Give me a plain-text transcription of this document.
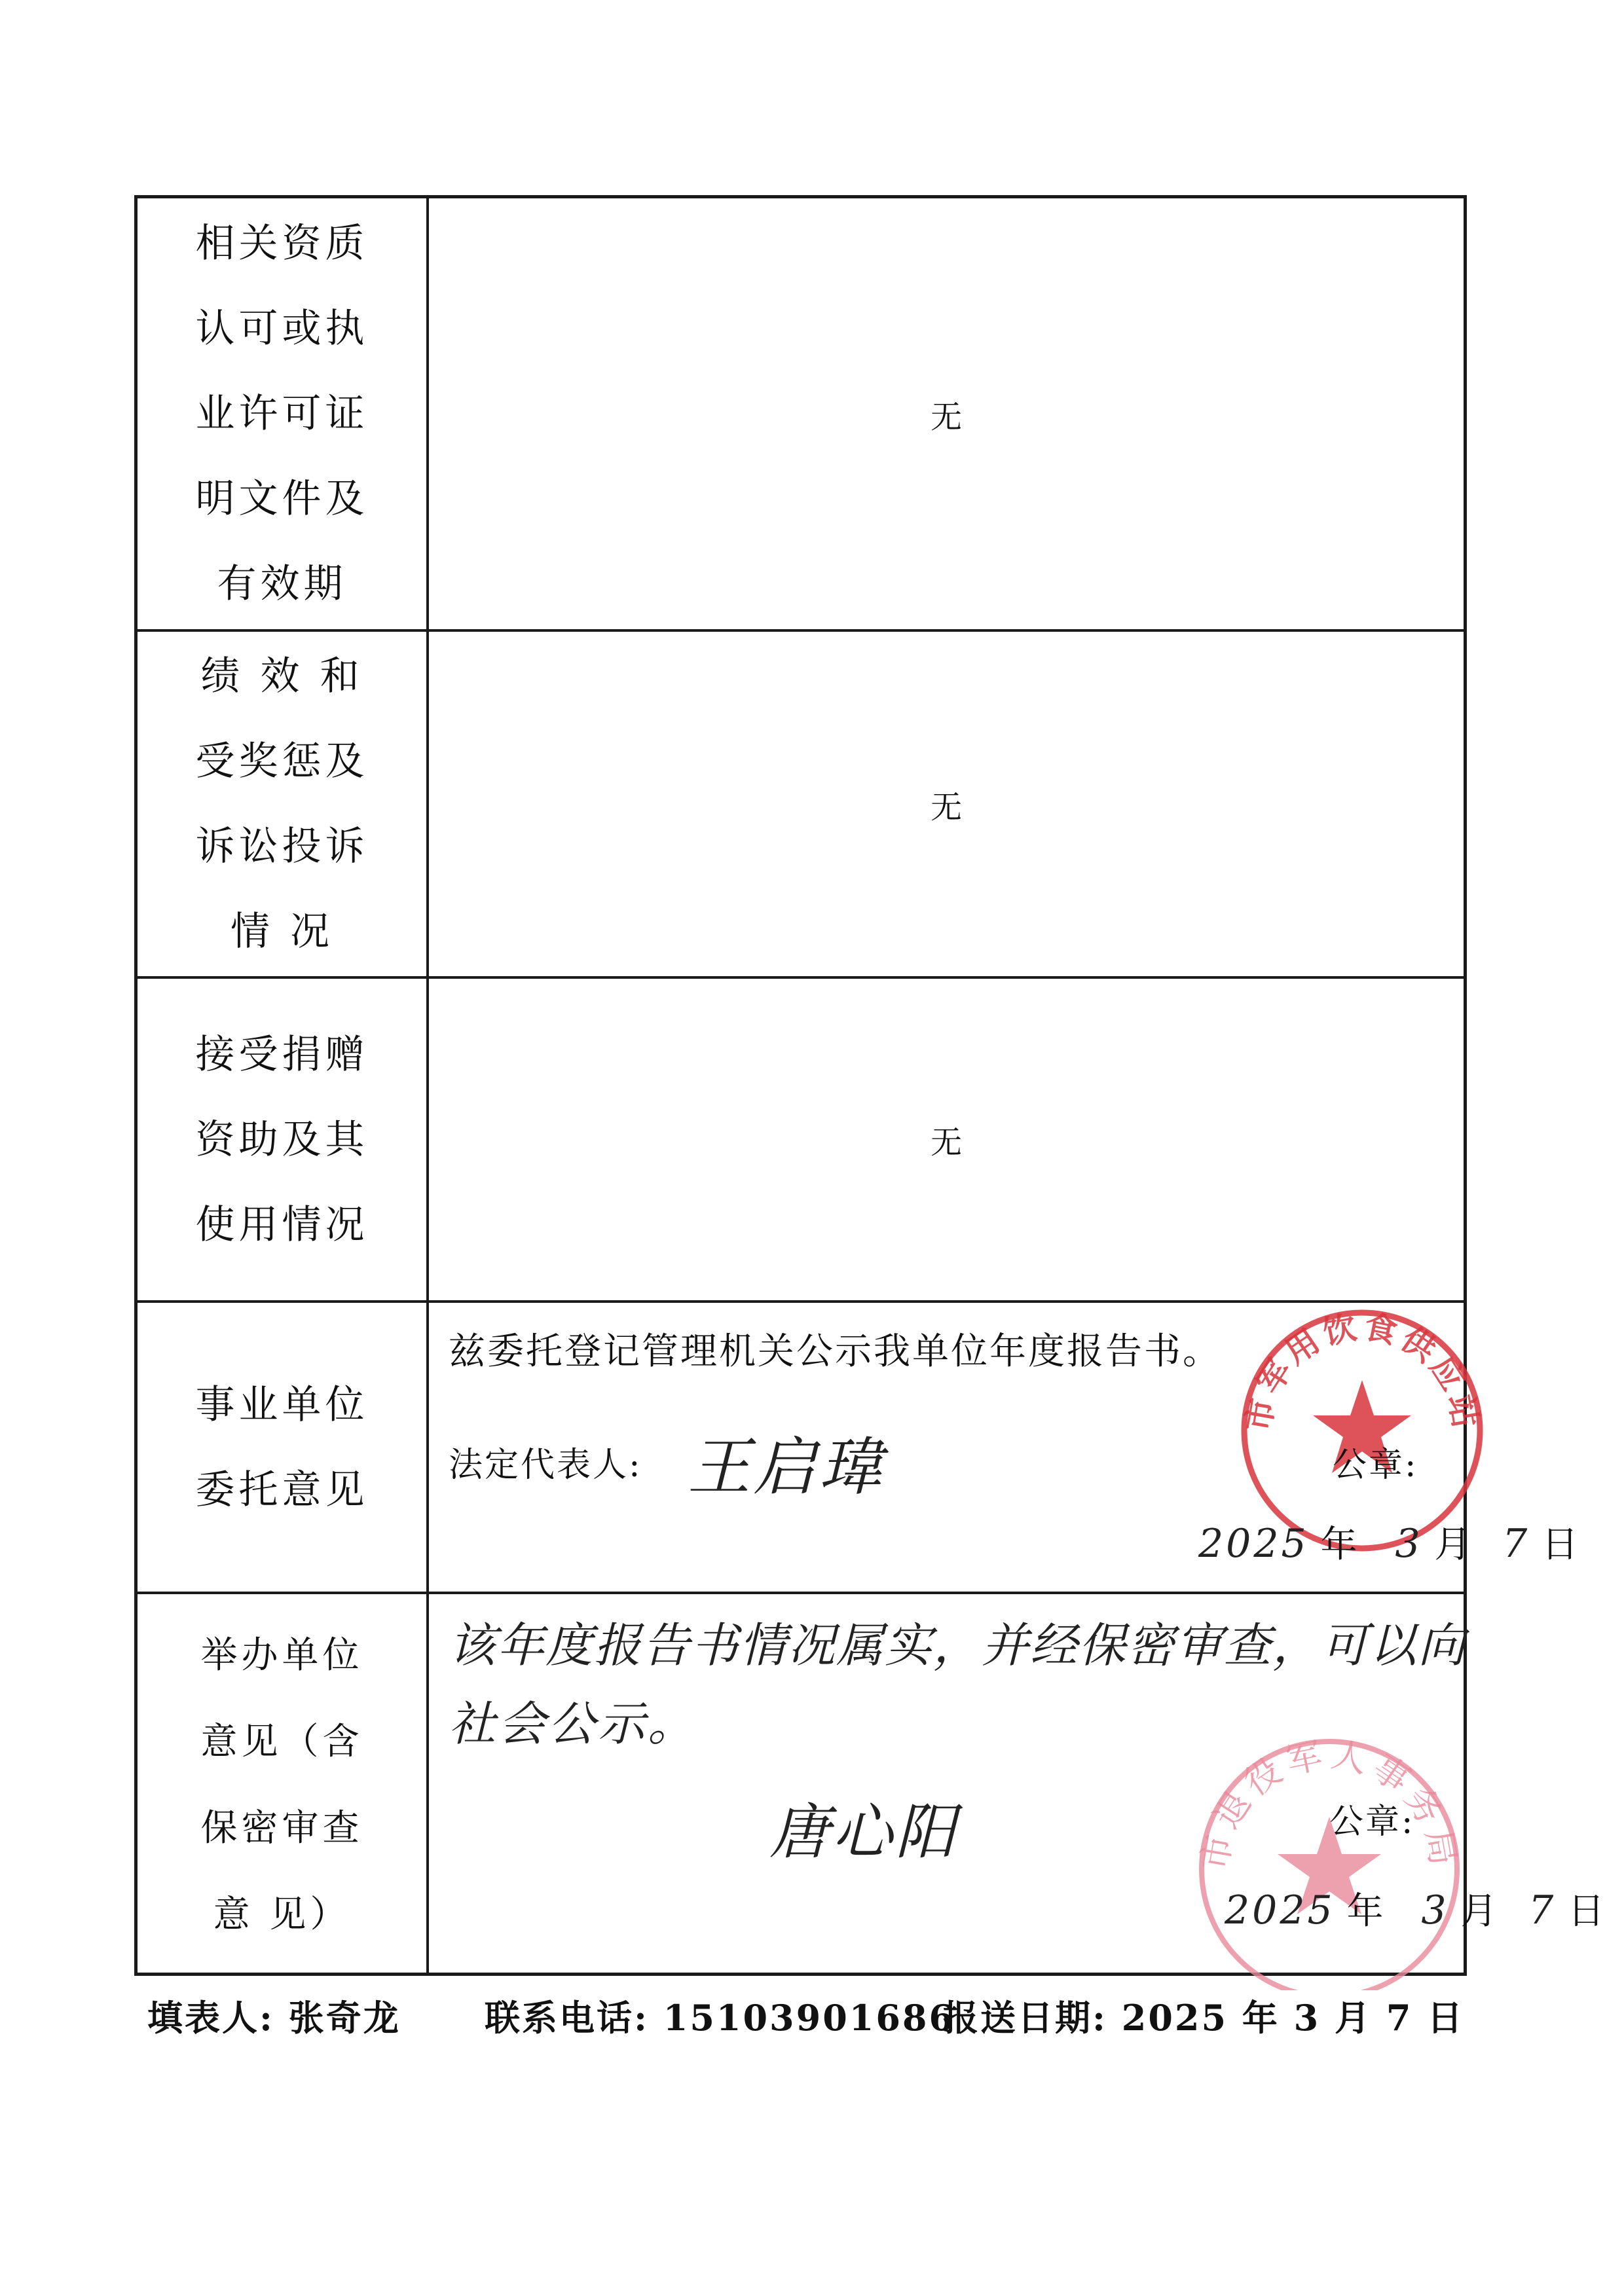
相关资质
认可或执
业许可证
明文件及
有效期
无
绩 效 和
受奖惩及
诉讼投诉
情 况
无
接受捐赠
资助及其
使用情况
无
事业单位
委托意见
兹委托登记管理机关公示我单位年度报告书。
法定代表人: 王启瑋
市军用饮食供应站
公章:
2025 年 3 月 7 日
举办单位
意见（含
保密审查
意 见）
该年度报告书情况属实，并经保密审查，可以向
社会公示。
唐心阳	市退役军人事务局
公章:
2025 年 3 月 7 日
填表人: 张奇龙 联系电话: 15103901686
报送日期: 2025 年 3 月 7 日
